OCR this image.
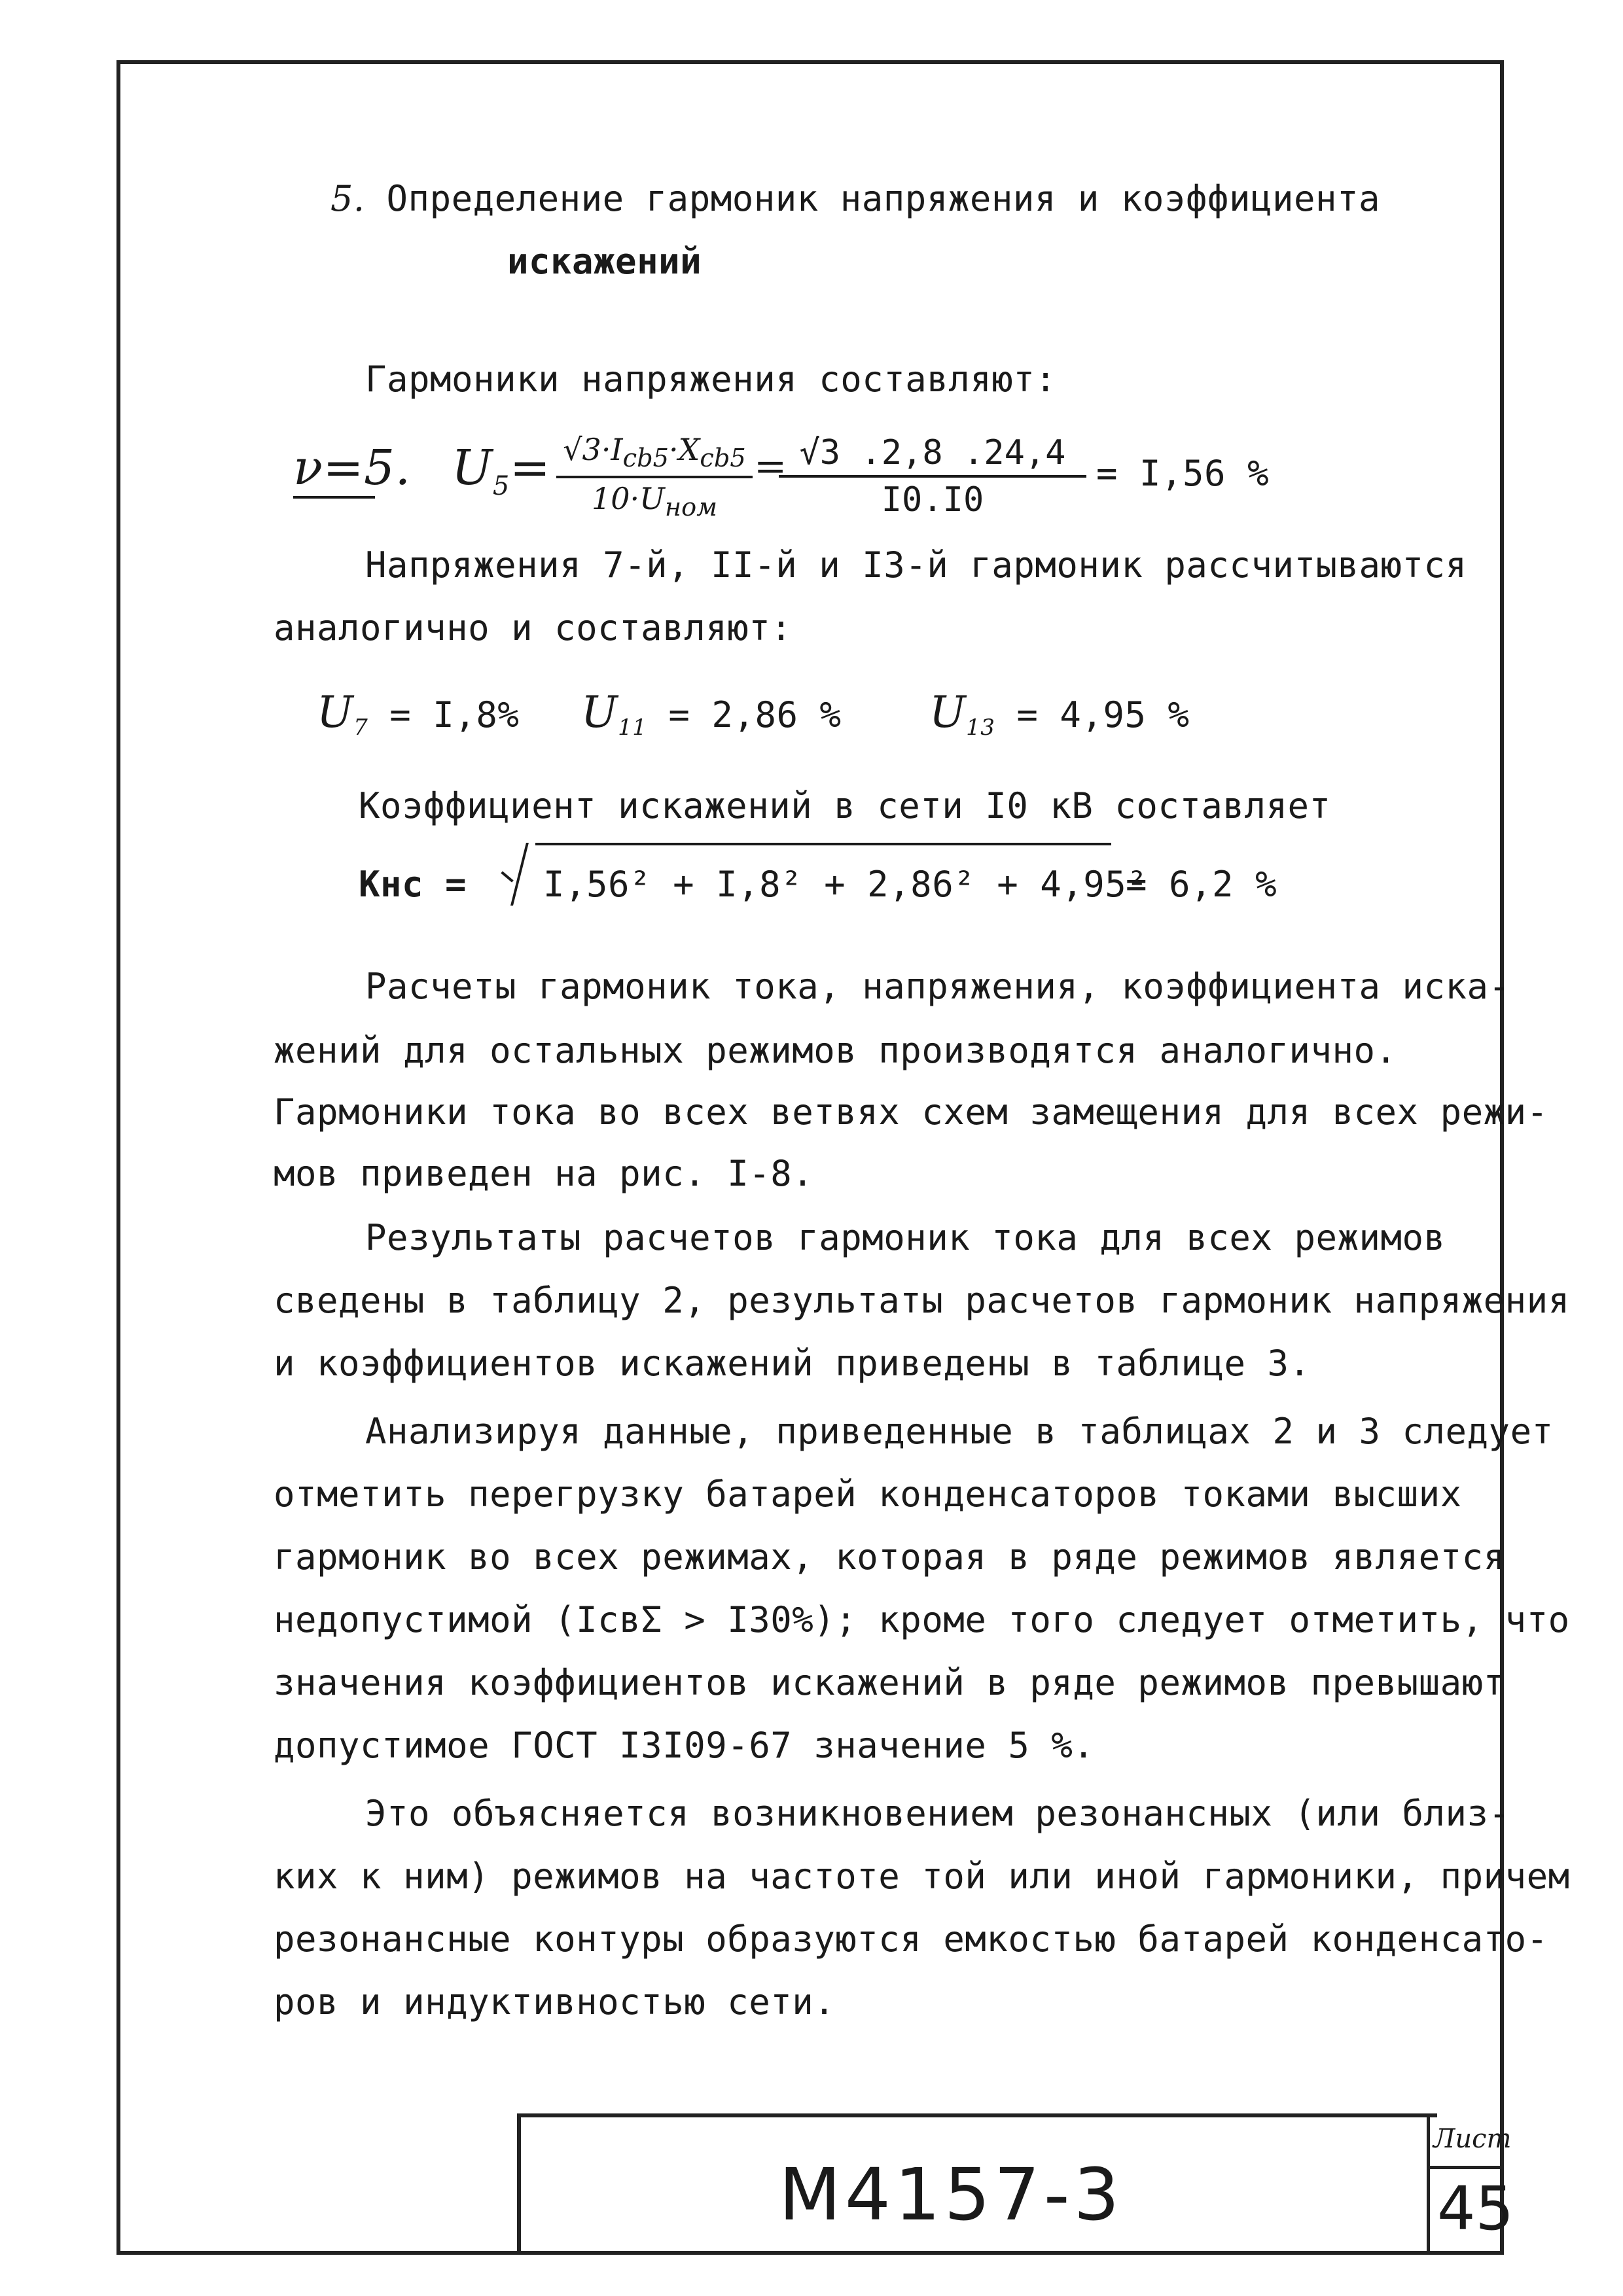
5. Определение гармоник напряжения и коэффициента
искажений
Гармоники напряжения составляют:
ν=5. $U_5= √3\cdot I_{cb5}\cdot X_{cb5}$
$10\cdot U_{ном}$
=
$\frac{√3 .2,8 .24,4}{I0.I0} = I,56$ %
Напряжения 7-й, II-й и I3-й гармоник рассчитываются
аналогично и составляют:
$U_7 = I,8\%$ $U_{11} = 2,86$ % $U_{13} = 4,95$ %
Коэффициент искажений в сети I0 кВ составляет
Кнс = I,56² + I,8² + 2,86² + 4,95²
= 6,2 %
Расчеты гармоник тока, напряжения, коэффициента иска-
жений для остальных режимов производятся аналогично.
Гармоники тока во всех ветвях схем замещения для всех режи-
мов приведен на рис. I-8.
Результаты расчетов гармоник тока для всех режимов
сведены в таблицу 2, результаты расчетов гармоник напряжения
и коэффициентов искажений приведены в таблице 3.
Анализируя данные, приведенные в таблицах 2 и 3 следует
отметить перегрузку батарей конденсаторов токами высших
гармоник во всех режимах, которая в ряде режимов является
недопустимой (IсвΣ > I30%); кроме того следует отметить, что
значения коэффициентов искажений в ряде режимов превышают
допустимое ГОСТ I3I09-67 значение 5 %.
Это объясняется возникновением резонансных (или близ-
ких к ним) режимов на частоте той или иной гармоники, причем
резонансные контуры образуются емкостью батарей конденсато-
ров и индуктивностью сети.
М4157-3
Лист
45
